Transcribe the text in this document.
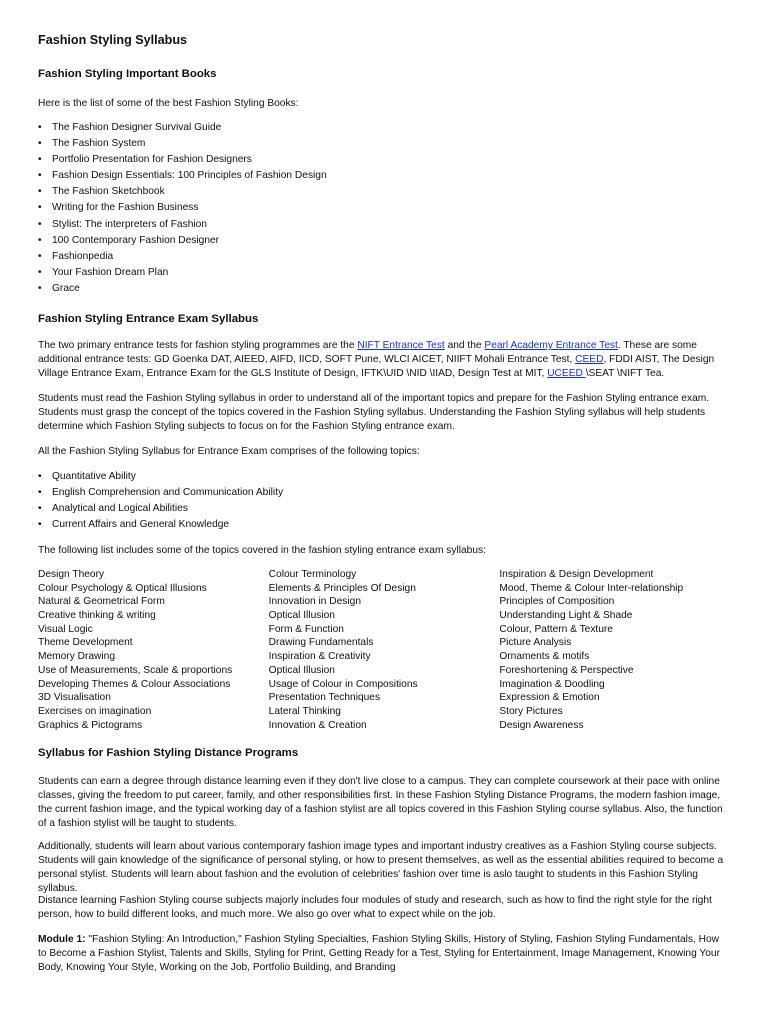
Fashion Styling Syllabus
Fashion Styling Important Books

Here is the list of some of the best Fashion Styling Books:

• The Fashion Designer Survival Guide
• The Fashion System
• Portfolio Presentation for Fashion Designers
• Fashion Design Essentials: 100 Principles of Fashion Design
• The Fashion Sketchbook
• Writing for the Fashion Business
• Stylist: The interpreters of Fashion
• 100 Contemporary Fashion Designer
• Fashionpedia
• Your Fashion Dream Plan
• Grace
Fashion Styling Entrance Exam Syllabus

The two primary entrance tests for fashion styling programmes are the NIFT Entrance Test and the Pearl Academy Entrance Test. These are some additional entrance tests: GD Goenka DAT, AIEED, AIFD, IICD, SOFT Pune, WLCI AICET, NIIFT Mohali Entrance Test, CEED, FDDI AIST, The Design Village Entrance Exam, Entrance Exam for the GLS Institute of Design, IFTK\UID \NID \IIAD, Design Test at MIT, UCEED \SEAT \NIFT Tea.

Students must read the Fashion Styling syllabus in order to understand all of the important topics and prepare for the Fashion Styling entrance exam. Students must grasp the concept of the topics covered in the Fashion Styling syllabus. Understanding the Fashion Styling syllabus will help students determine which Fashion Styling subjects to focus on for the Fashion Styling entrance exam.

All the Fashion Styling Syllabus for Entrance Exam comprises of the following topics:

• Quantitative Ability
• English Comprehension and Communication Ability
• Analytical and Logical Abilities
• Current Affairs and General Knowledge

The following list includes some of the topics covered in the fashion styling entrance exam syllabus:

Design Theory
Colour Psychology & Optical Illusions
Natural & Geometrical Form
Creative thinking & writing
Visual Logic
Theme Development
Memory Drawing
Use of Measurements, Scale & proportions
Developing Themes & Colour Associations
3D Visualisation
Exercises on imagination
Graphics & Pictograms
Colour Terminology
Elements & Principles Of Design
Innovation in Design
Optical Illusion
Form & Function
Drawing Fundamentals
Inspiration & Creativity
Optical Illusion
Usage of Colour in Compositions
Presentation Techniques
Lateral Thinking
Innovation & Creation
Inspiration & Design Development
Mood, Theme & Colour Inter-relationship
Principles of Composition
Understanding Light & Shade
Colour, Pattern & Texture
Picture Analysis
Ornaments & motifs
Foreshortening & Perspective
Imagination & Doodling
Expression & Emotion
Story Pictures
Design Awareness
Syllabus for Fashion Styling Distance Programs

Students can earn a degree through distance learning even if they don't live close to a campus. They can complete coursework at their pace with online classes, giving the freedom to put career, family, and other responsibilities first. In these Fashion Styling Distance Programs, the modern fashion image, the current fashion image, and the typical working day of a fashion stylist are all topics covered in this Fashion Styling course syllabus. Also, the function of a fashion stylist will be taught to students.

Additionally, students will learn about various contemporary fashion image types and important industry creatives as a Fashion Styling course subjects. Students will gain knowledge of the significance of personal styling, or how to present themselves, as well as the essential abilities required to become a personal stylist. Students will learn about fashion and the evolution of celebrities' fashion over time is aslo taught to students in this Fashion Styling syllabus.

Distance learning Fashion Styling course subjects majorly includes four modules of study and research, such as how to find the right style for the right person, how to build different looks, and much more. We also go over what to expect while on the job.

Module 1: "Fashion Styling: An Introduction," Fashion Styling Specialties, Fashion Styling Skills, History of Styling, Fashion Styling Fundamentals, How to Become a Fashion Stylist, Talents and Skills, Styling for Print, Getting Ready for a Test, Styling for Entertainment, Image Management, Knowing Your Body, Knowing Your Style, Working on the Job, Portfolio Building, and Branding
